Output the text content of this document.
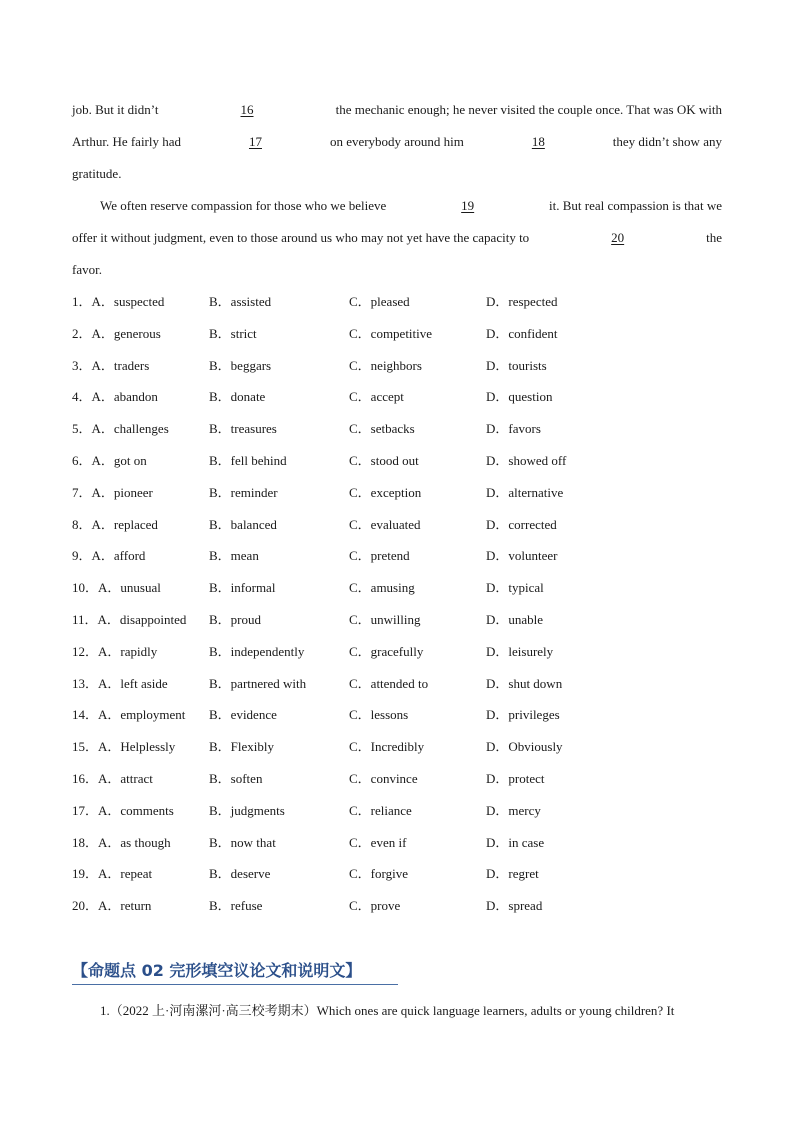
job. But it didn’t	16	the mechanic enough; he never visited the couple once. That was OK with
Arthur. He fairly had	17	on everybody around him	18	they didn’t show any
gratitude.
We often reserve compassion for those who we believe	19	it. But real compassion is that we
offer it without judgment, even to those around us who may not yet have the capacity to	20	the
favor.
1．A．suspected	B．assisted	C．pleased	D．respected
2．A．generous	B．strict	C．competitive	D．confident
3．A．traders	B．beggars	C．neighbors	D．tourists
4．A．abandon	B．donate	C．accept	D．question
5．A．challenges	B．treasures	C．setbacks	D．favors
6．A．got on	B．fell behind	C．stood out	D．showed off
7．A．pioneer	B．reminder	C．exception	D．alternative
8．A．replaced	B．balanced	C．evaluated	D．corrected
9．A．afford	B．mean	C．pretend	D．volunteer
10．A．unusual	B．informal	C．amusing	D．typical
11．A．disappointed B．proud	C．unwilling	D．unable
12．A．rapidly	B．independently	C．gracefully	D．leisurely
13．A．left aside	B．partnered with	C．attended to	D．shut down
14．A．employment B．evidence	C．lessons	D．privileges
15．A．Helplessly	B．Flexibly	C．Incredibly	D．Obviously
16．A．attract	B．soften	C．convince	D．protect
17．A．comments	B．judgments	C．reliance	D．mercy
18．A．as though	B．now that	C．even if	D．in case
19．A．repeat	B．deserve	C．forgive	D．regret
20．A．return	B．refuse	C．prove	D．spread
【命题点 02 完形填空议论文和说明文】
1.（2022 上·河南漯河·高三校考期末）Which ones are quick language learners, adults or young children? It
